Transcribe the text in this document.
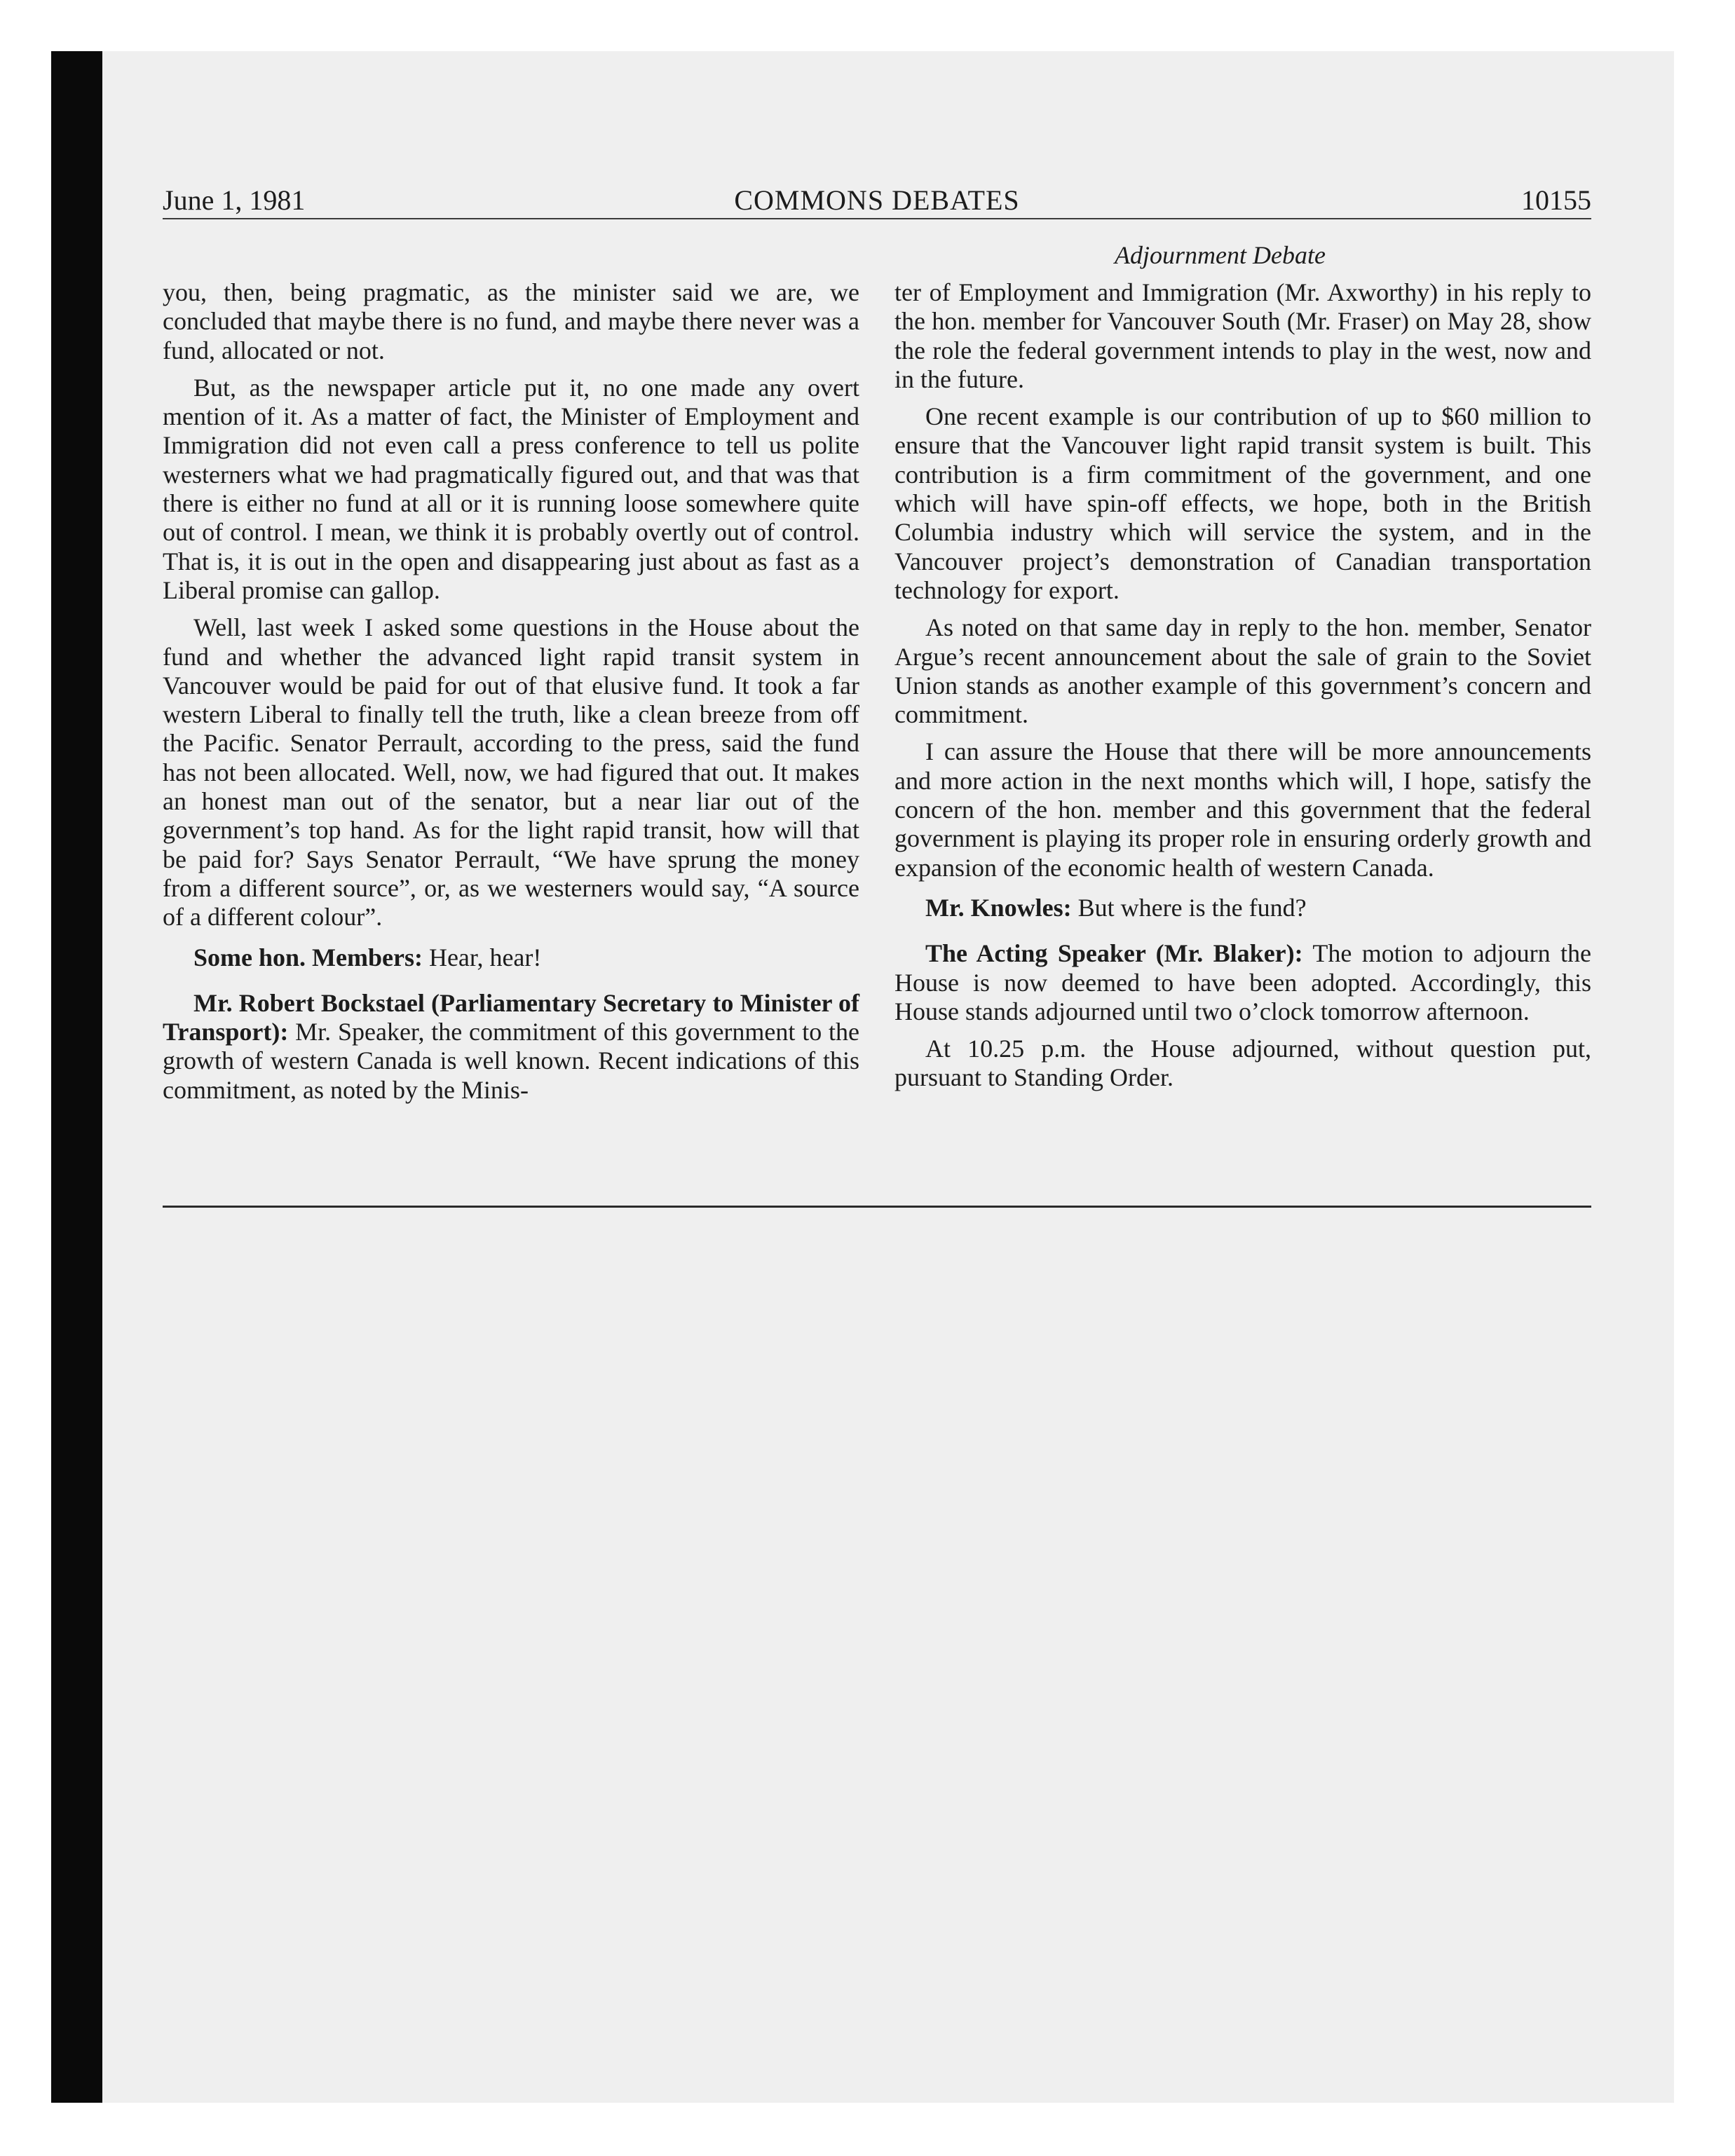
June 1, 1981	COMMONS DEBATES	10155
Adjournment Debate

you, then, being pragmatic, as the minister said we are, we concluded that maybe there is no fund, and maybe there never was a fund, allocated or not.

But, as the newspaper article put it, no one made any overt mention of it. As a matter of fact, the Minister of Employment and Immigration did not even call a press conference to tell us polite westerners what we had pragmatically figured out, and that was that there is either no fund at all or it is running loose somewhere quite out of control. I mean, we think it is probably overtly out of control. That is, it is out in the open and disappearing just about as fast as a Liberal promise can gallop.

Well, last week I asked some questions in the House about the fund and whether the advanced light rapid transit system in Vancouver would be paid for out of that elusive fund. It took a far western Liberal to finally tell the truth, like a clean breeze from off the Pacific. Senator Perrault, according to the press, said the fund has not been allocated. Well, now, we had figured that out. It makes an honest man out of the senator, but a near liar out of the government’s top hand. As for the light rapid transit, how will that be paid for? Says Senator Perrault, “We have sprung the money from a different source”, or, as we westerners would say, “A source of a different colour”.

Some hon. Members: Hear, hear!

Mr. Robert Bockstael (Parliamentary Secretary to Minister of Transport): Mr. Speaker, the commitment of this government to the growth of western Canada is well known. Recent indications of this commitment, as noted by the Minis-

ter of Employment and Immigration (Mr. Axworthy) in his reply to the hon. member for Vancouver South (Mr. Fraser) on May 28, show the role the federal government intends to play in the west, now and in the future.

One recent example is our contribution of up to $60 million to ensure that the Vancouver light rapid transit system is built. This contribution is a firm commitment of the government, and one which will have spin-off effects, we hope, both in the British Columbia industry which will service the system, and in the Vancouver project’s demonstration of Canadian transportation technology for export.

As noted on that same day in reply to the hon. member, Senator Argue’s recent announcement about the sale of grain to the Soviet Union stands as another example of this government’s concern and commitment.

I can assure the House that there will be more announcements and more action in the next months which will, I hope, satisfy the concern of the hon. member and this government that the federal government is playing its proper role in ensuring orderly growth and expansion of the economic health of western Canada.

Mr. Knowles: But where is the fund?

The Acting Speaker (Mr. Blaker): The motion to adjourn the House is now deemed to have been adopted. Accordingly, this House stands adjourned until two o’clock tomorrow afternoon.

At 10.25 p.m. the House adjourned, without question put, pursuant to Standing Order.
